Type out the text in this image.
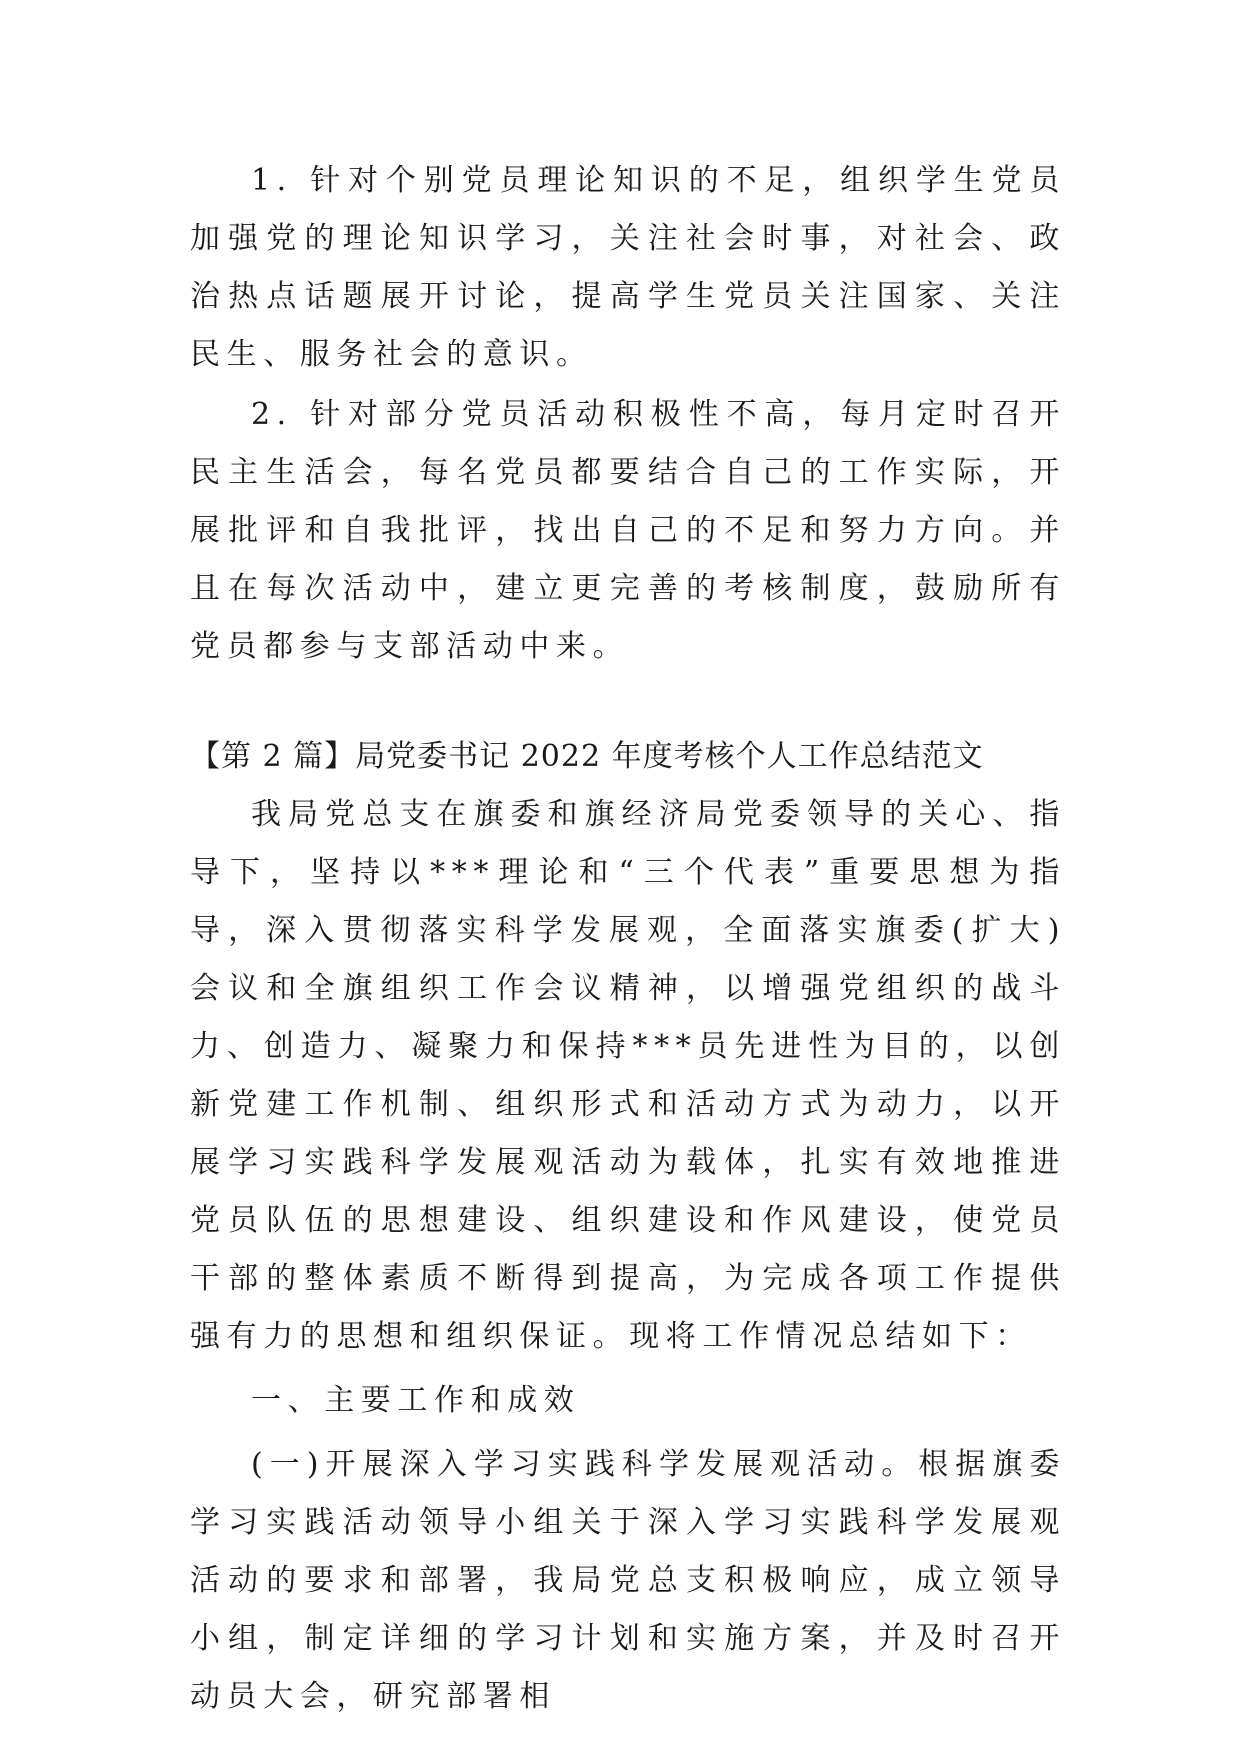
1. 针对个别党员理论知识的不足，组织学生党员加强党的理论知识学习，关注社会时事，对社会、政治热点话题展开讨论，提高学生党员关注国家、关注民生、服务社会的意识。

2. 针对部分党员活动积极性不高，每月定时召开民主生活会，每名党员都要结合自己的工作实际，开展批评和自我批评，找出自己的不足和努力方向。并且在每次活动中，建立更完善的考核制度，鼓励所有党员都参与支部活动中来。

【第 2 篇】局党委书记 2022 年度考核个人工作总结范文

我局党总支在旗委和旗经济局党委领导的关心、指导下，坚持以***理论和“三个代表”重要思想为指导，深入贯彻落实科学发展观，全面落实旗委(扩大)会议和全旗组织工作会议精神，以增强党组织的战斗力、创造力、凝聚力和保持***员先进性为目的，以创新党建工作机制、组织形式和活动方式为动力，以开展学习实践科学发展观活动为载体，扎实有效地推进党员队伍的思想建设、组织建设和作风建设，使党员干部的整体素质不断得到提高，为完成各项工作提供强有力的思想和组织保证。现将工作情况总结如下：

一、主要工作和成效

(一)开展深入学习实践科学发展观活动。根据旗委学习实践活动领导小组关于深入学习实践科学发展观活动的要求和部署，我局党总支积极响应，成立领导小组，制定详细的学习计划和实施方案，并及时召开动员大会，研究部署相
